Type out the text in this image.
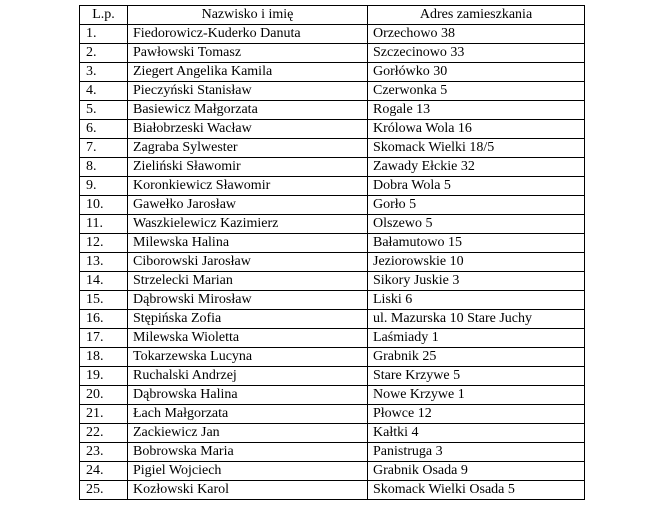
L.p.	Nazwisko i imię	Adres zamieszkania
1.	Fiedorowicz-Kuderko Danuta	Orzechowo 38
2.	Pawłowski Tomasz	Szczecinowo 33
3.	Ziegert Angelika Kamila	Gorłówko 30
4.	Pieczyński Stanisław	Czerwonka 5
5.	Basiewicz Małgorzata	Rogale 13
6.	Białobrzeski Wacław	Królowa Wola 16
7.	Zagraba Sylwester	Skomack Wielki 18/5
8.	Zieliński Sławomir	Zawady Ełckie 32
9.	Koronkiewicz Sławomir	Dobra Wola 5
10.	Gawełko Jarosław	Gorło 5
11.	Waszkielewicz Kazimierz	Olszewo 5
12.	Milewska Halina	Bałamutowo 15
13.	Ciborowski Jarosław	Jeziorowskie 10
14.	Strzelecki Marian	Sikory Juskie 3
15.	Dąbrowski Mirosław	Liski 6
16.	Stępińska Zofia	ul. Mazurska 10 Stare Juchy
17.	Milewska Wioletta	Laśmiady 1
18.	Tokarzewska Lucyna	Grabnik 25
19.	Ruchalski Andrzej	Stare Krzywe 5
20.	Dąbrowska Halina	Nowe Krzywe 1
21.	Łach Małgorzata	Płowce 12
22.	Zackiewicz Jan	Kałtki 4
23.	Bobrowska Maria	Panistruga 3
24.	Pigiel Wojciech	Grabnik Osada 9
25.	Kozłowski Karol	Skomack Wielki Osada 5
